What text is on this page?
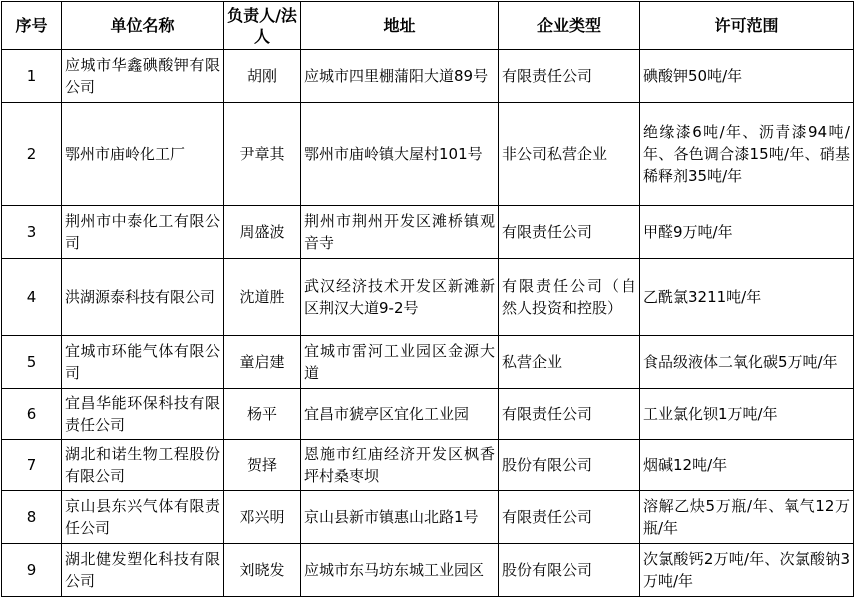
序号	单位名称	负责人/法人	地址	企业类型	许可范围
1	应城市华鑫碘酸钾有限公司	胡刚	应城市四里棚蒲阳大道89号	有限责任公司	碘酸钾50吨/年
2	鄂州市庙岭化工厂	尹章其	鄂州市庙岭镇大屋村101号	非公司私营企业	绝缘漆6吨/年、沥青漆94吨/年、各色调合漆15吨/年、硝基稀释剂35吨/年
3	荆州市中泰化工有限公司	周盛波	荆州市荆州开发区滩桥镇观音寺	有限责任公司	甲醛9万吨/年
4	洪湖源泰科技有限公司	沈道胜	武汉经济技术开发区新滩新区荆汉大道9-2号	有限责任公司（自然人投资和控股）	乙酰氯3211吨/年
5	宜城市环能气体有限公司	童启建	宜城市雷河工业园区金源大道	私营企业	食品级液体二氧化碳5万吨/年
6	宜昌华能环保科技有限责任公司	杨平	宜昌市猇亭区宜化工业园	有限责任公司	工业氯化钡1万吨/年
7	湖北和诺生物工程股份有限公司	贺择	恩施市红庙经济开发区枫香坪村桑枣坝	股份有限公司	烟碱12吨/年
8	京山县东兴气体有限责任公司	邓兴明	京山县新市镇惠山北路1号	有限责任公司	溶解乙炔5万瓶/年、氧气12万瓶/年
9	湖北健发塑化科技有限公司	刘晓发	应城市东马坊东城工业园区	股份有限公司	次氯酸钙2万吨/年、次氯酸钠3万吨/年
